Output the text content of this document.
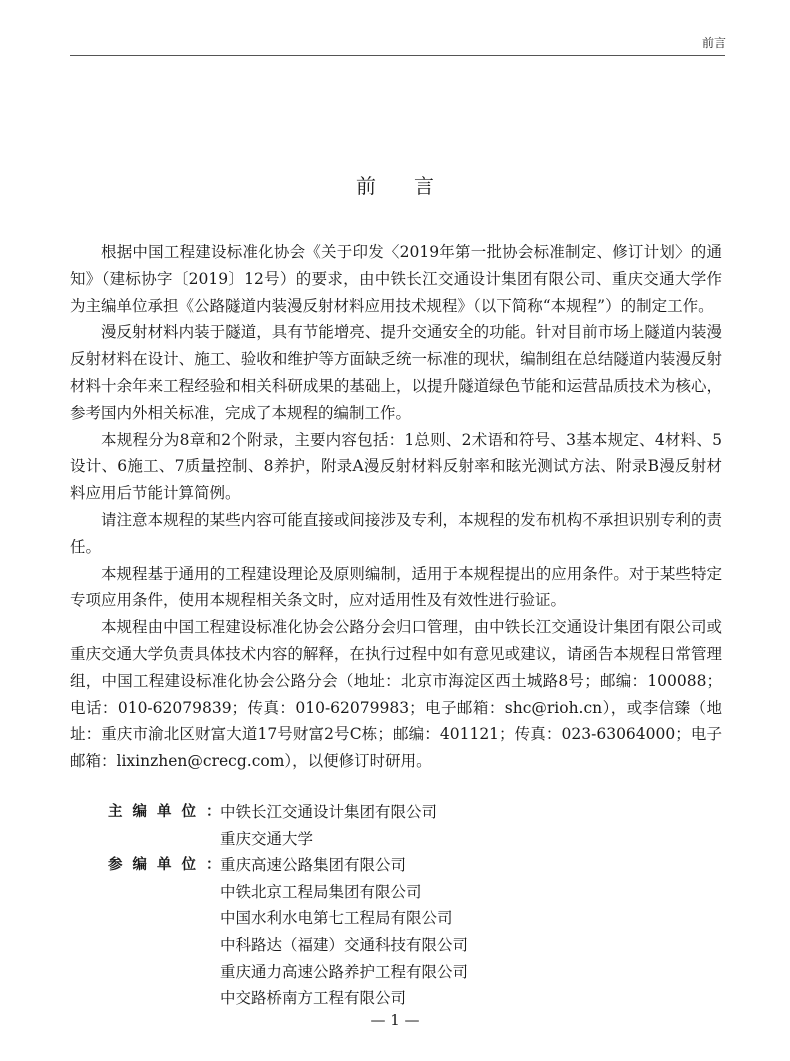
前言
前言

根据中国工程建设标准化协会《关于印发〈2019年第一批协会标准制定、修订计划〉的通知》（建标协字〔2019〕12号）的要求，由中铁长江交通设计集团有限公司、重庆交通大学作为主编单位承担《公路隧道内装漫反射材料应用技术规程》（以下简称“本规程”）的制定工作。

漫反射材料内装于隧道，具有节能增亮、提升交通安全的功能。针对目前市场上隧道内装漫反射材料在设计、施工、验收和维护等方面缺乏统一标准的现状，编制组在总结隧道内装漫反射材料十余年来工程经验和相关科研成果的基础上，以提升隧道绿色节能和运营品质技术为核心，参考国内外相关标准，完成了本规程的编制工作。

本规程分为8章和2个附录，主要内容包括：1总则、2术语和符号、3基本规定、4材料、5设计、6施工、7质量控制、8养护，附录A漫反射材料反射率和眩光测试方法、附录B漫反射材料应用后节能计算简例。

请注意本规程的某些内容可能直接或间接涉及专利，本规程的发布机构不承担识别专利的责任。

本规程基于通用的工程建设理论及原则编制，适用于本规程提出的应用条件。对于某些特定专项应用条件，使用本规程相关条文时，应对适用性及有效性进行验证。

本规程由中国工程建设标准化协会公路分会归口管理，由中铁长江交通设计集团有限公司或重庆交通大学负责具体技术内容的解释，在执行过程中如有意见或建议，请函告本规程日常管理组，中国工程建设标准化协会公路分会（地址：北京市海淀区西土城路8号；邮编：100088；电话：010-62079839；传真：010-62079983；电子邮箱：shc@rioh.cn），或李信臻（地址：重庆市渝北区财富大道17号财富2号C栋；邮编：401121；传真：023-63064000；电子邮箱：lixinzhen@crecg.com），以便修订时研用。

主编单位：
中铁长江交通设计集团有限公司
重庆交通大学
参编单位：
重庆高速公路集团有限公司
中铁北京工程局集团有限公司
中国水利水电第七工程局有限公司
中科路达（福建）交通科技有限公司
重庆通力高速公路养护工程有限公司
中交路桥南方工程有限公司
— 1 —
